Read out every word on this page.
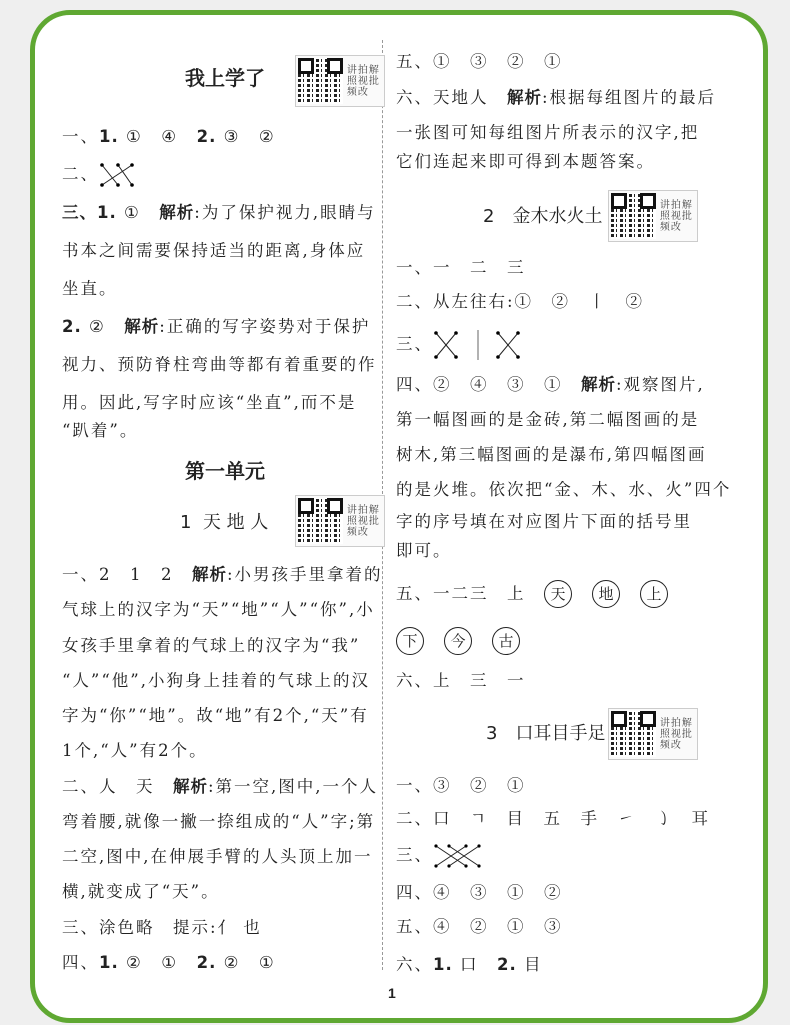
我上学了	讲拍解照视批频改
一、1. ①　④　2. ③　②
二、
三、1. ①　解析:为了保护视力,眼睛与
书本之间需要保持适当的距离,身体应
坐直。
2. ②　解析:正确的写字姿势对于保护
视力、预防脊柱弯曲等都有着重要的作
用。因此,写字时应该“坐直”,而不是
“趴着”。
第一单元
1  天 地 人
讲拍解照视批频改
一、2　1　2　解析:小男孩手里拿着的
气球上的汉字为“天”“地”“人”“你”,小
女孩手里拿着的气球上的汉字为“我”
“人”“他”,小狗身上挂着的气球上的汉
字为“你”“地”。故“地”有2个,“天”有
1个,“人”有2个。
二、人　天　解析:第一空,图中,一个人
弯着腰,就像一撇一捺组成的“人”字;第
二空,图中,在伸展手臂的人头顶上加一
横,就变成了“天”。
三、涂色略　提示:亻 也
四、1. ②　①　2. ②　①
五、①　③　②　①
六、天地人　解析:根据每组图片的最后
一张图可知每组图片所表示的汉字,把
它们连起来即可得到本题答案。
2　金木水火土
讲拍解照视批频改
一、一　二　三
二、从左往右:①　②　丨　②
三、
四、②　④　③　①　解析:观察图片,
第一幅图画的是金砖,第二幅图画的是
树木,第三幅图画的是瀑布,第四幅图画
的是火堆。依次把“金、木、水、火”四个
字的序号填在对应图片下面的括号里
即可。
五、一二三　上　天 地 上
下 今 古
六、上　三　一
3　口耳目手足	讲拍解照视批频改
一、③　②　①
二、口　ㄱ　目　五　手　㇀　㇁　耳
三、
四、④　③　①　②
五、④　②　①　③
六、1. 口　2. 目
1
